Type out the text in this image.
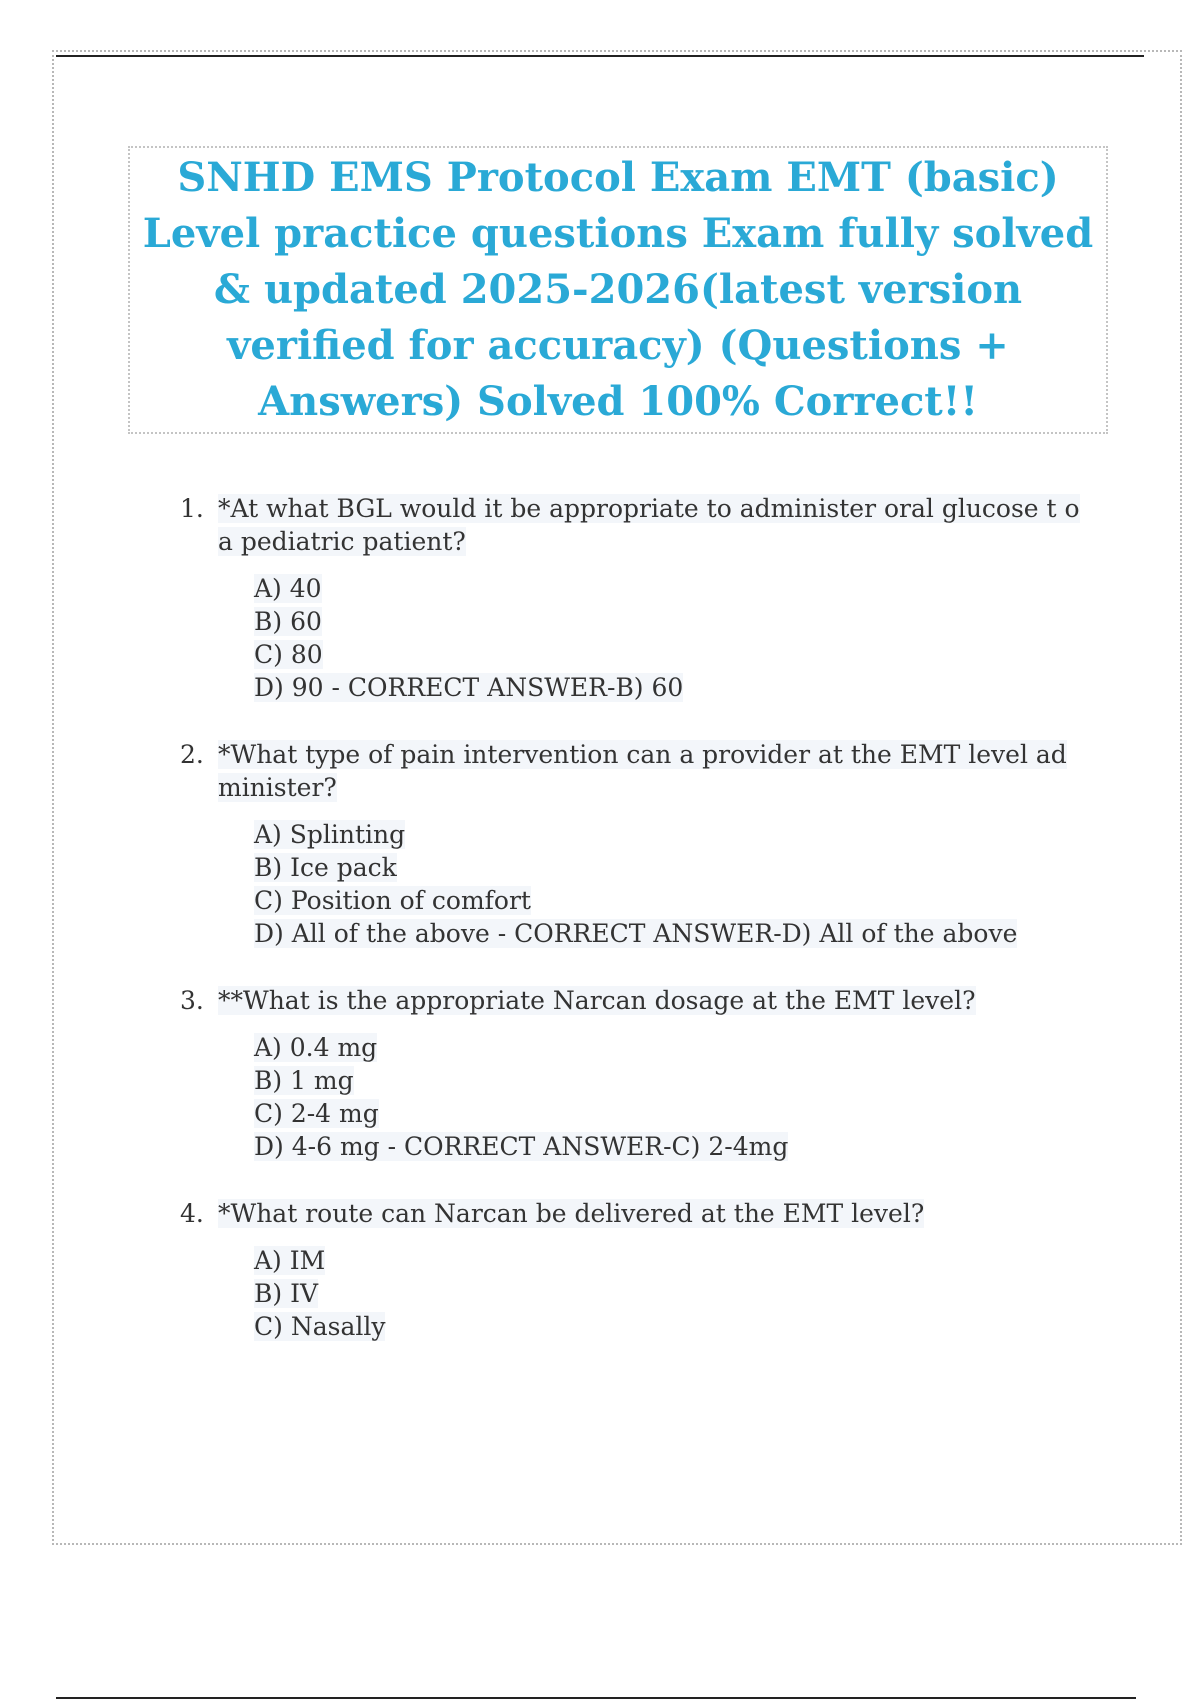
SNHD EMS Protocol Exam EMT (basic) Level practice questions Exam fully solved & updated 2025-2026(latest version verified for accuracy) (Questions + Answers) Solved 100% Correct!!
1. *At what BGL would it be appropriate to administer oral glucose t o a pediatric patient?
A) 40
B) 60
C) 80
D) 90 - CORRECT ANSWER-B) 60
2. *What type of pain intervention can a provider at the EMT level ad minister?
A) Splinting
B) Ice pack
C) Position of comfort
D) All of the above - CORRECT ANSWER-D) All of the above
3. **What is the appropriate Narcan dosage at the EMT level?
A) 0.4 mg
B) 1 mg
C) 2-4 mg
D) 4-6 mg - CORRECT ANSWER-C) 2-4mg
4. *What route can Narcan be delivered at the EMT level?
A) IM
B) IV
C) Nasally
